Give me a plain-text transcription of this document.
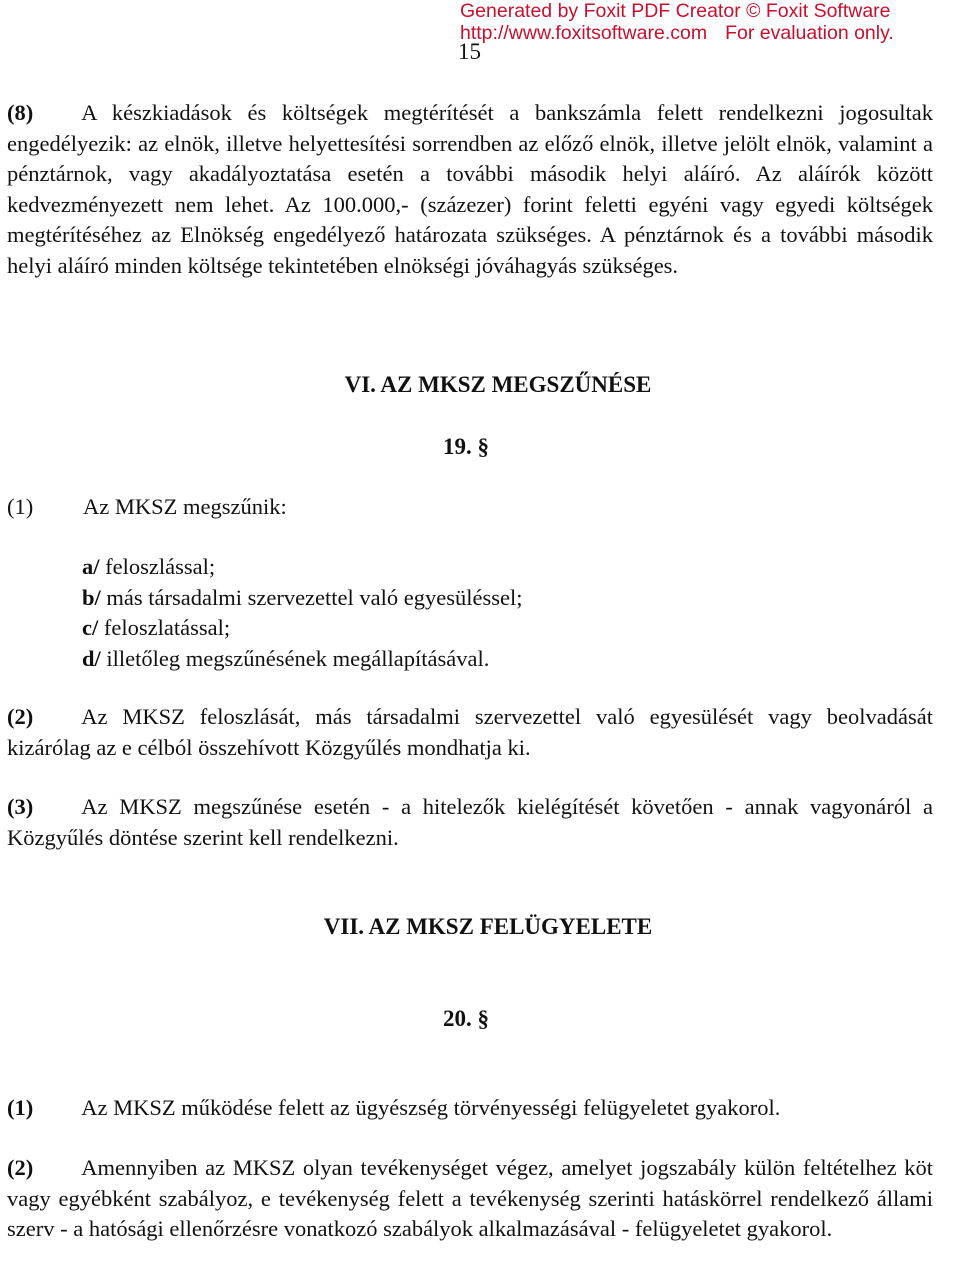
Generated by Foxit PDF Creator © Foxit Software
http://www.foxitsoftware.com For evaluation only.
15

(8) A készkiadások és költségek megtérítését a bankszámla felett rendelkezni jogosultak engedélyezik: az elnök, illetve helyettesítési sorrendben az előző elnök, illetve jelölt elnök, valamint a pénztárnok, vagy akadályoztatása esetén a további második helyi aláíró. Az aláírók között kedvezményezett nem lehet. Az 100.000,- (százezer) forint feletti egyéni vagy egyedi költségek megtérítéséhez az Elnökség engedélyező határozata szükséges. A pénztárnok és a további második helyi aláíró minden költsége tekintetében elnökségi jóváhagyás szükséges.

VI. AZ MKSZ MEGSZŰNÉSE
19. §
(1) Az MKSZ megszűnik:
a/ feloszlással;
b/ más társadalmi szervezettel való egyesüléssel;
c/ feloszlatással;
d/ illetőleg megszűnésének megállapításával.

(2) Az MKSZ feloszlását, más társadalmi szervezettel való egyesülését vagy beolvadását kizárólag az e célból összehívott Közgyűlés mondhatja ki.

(3) Az MKSZ megszűnése esetén - a hitelezők kielégítését követően - annak vagyonáról a Közgyűlés döntése szerint kell rendelkezni.

VII. AZ MKSZ FELÜGYELETE
20. §

(1) Az MKSZ működése felett az ügyészség törvényességi felügyeletet gyakorol.

(2) Amennyiben az MKSZ olyan tevékenységet végez, amelyet jogszabály külön feltételhez köt vagy egyébként szabályoz, e tevékenység felett a tevékenység szerinti hatáskörrel rendelkező állami szerv - a hatósági ellenőrzésre vonatkozó szabályok alkalmazásával - felügyeletet gyakorol.
